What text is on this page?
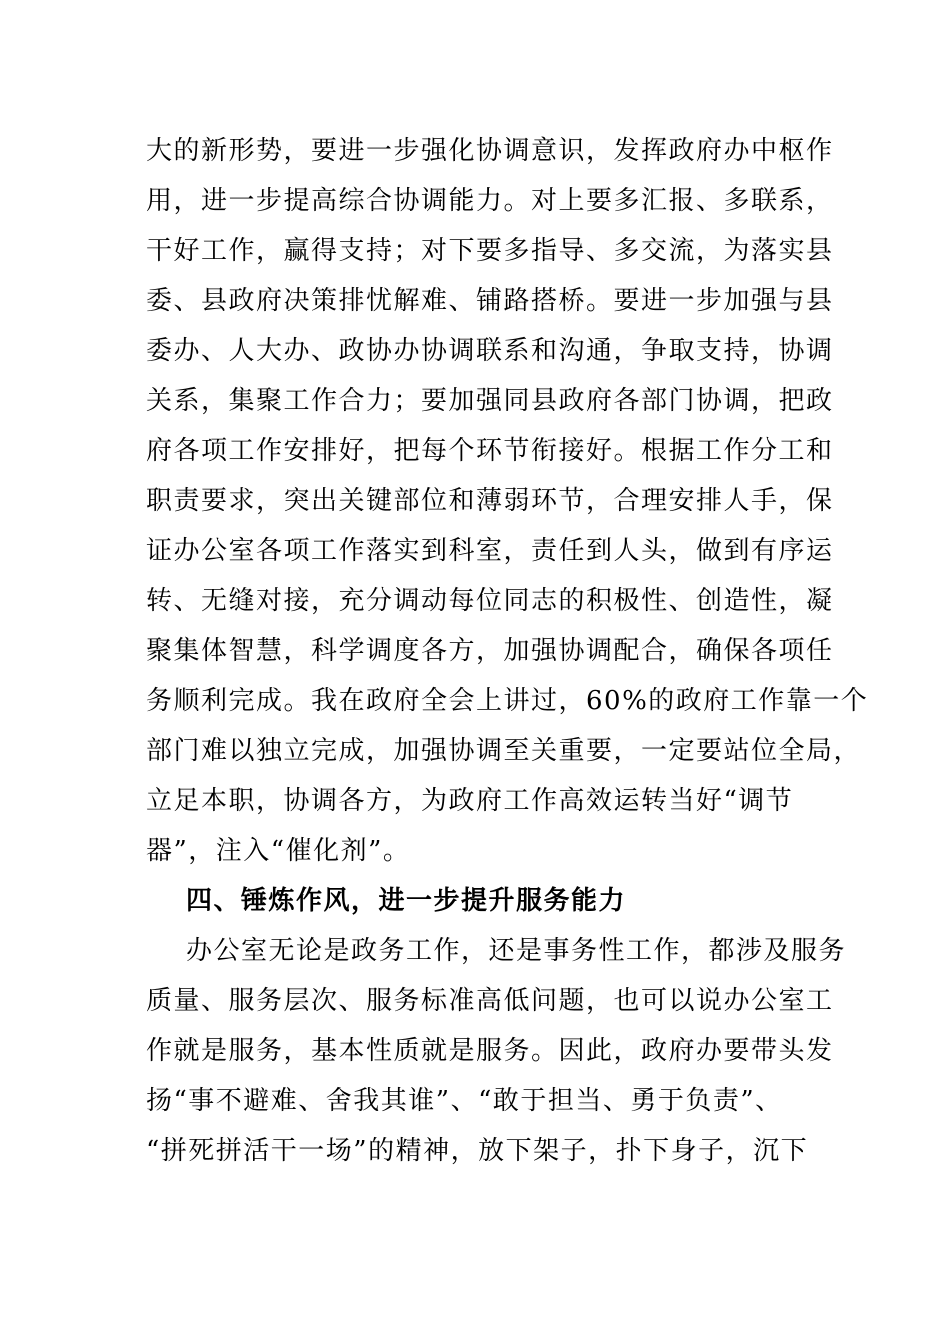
大的新形势，要进一步强化协调意识，发挥政府办中枢作
用，进一步提高综合协调能力。对上要多汇报、多联系，
干好工作，赢得支持；对下要多指导、多交流，为落实县
委、县政府决策排忧解难、铺路搭桥。要进一步加强与县
委办、人大办、政协办协调联系和沟通，争取支持，协调
关系，集聚工作合力；要加强同县政府各部门协调，把政
府各项工作安排好，把每个环节衔接好。根据工作分工和
职责要求，突出关键部位和薄弱环节，合理安排人手，保
证办公室各项工作落实到科室，责任到人头，做到有序运
转、无缝对接，充分调动每位同志的积极性、创造性，凝
聚集体智慧，科学调度各方，加强协调配合，确保各项任
务顺利完成。我在政府全会上讲过，60%的政府工作靠一个
部门难以独立完成，加强协调至关重要，一定要站位全局，
立足本职，协调各方，为政府工作高效运转当好“调节
器”，注入“催化剂”。
四、锤炼作风，进一步提升服务能力
办公室无论是政务工作，还是事务性工作，都涉及服务
质量、服务层次、服务标准高低问题，也可以说办公室工
作就是服务，基本性质就是服务。因此，政府办要带头发
扬“事不避难、舍我其谁”、“敢于担当、勇于负责”、
“拼死拼活干一场”的精神，放下架子，扑下身子，沉下
